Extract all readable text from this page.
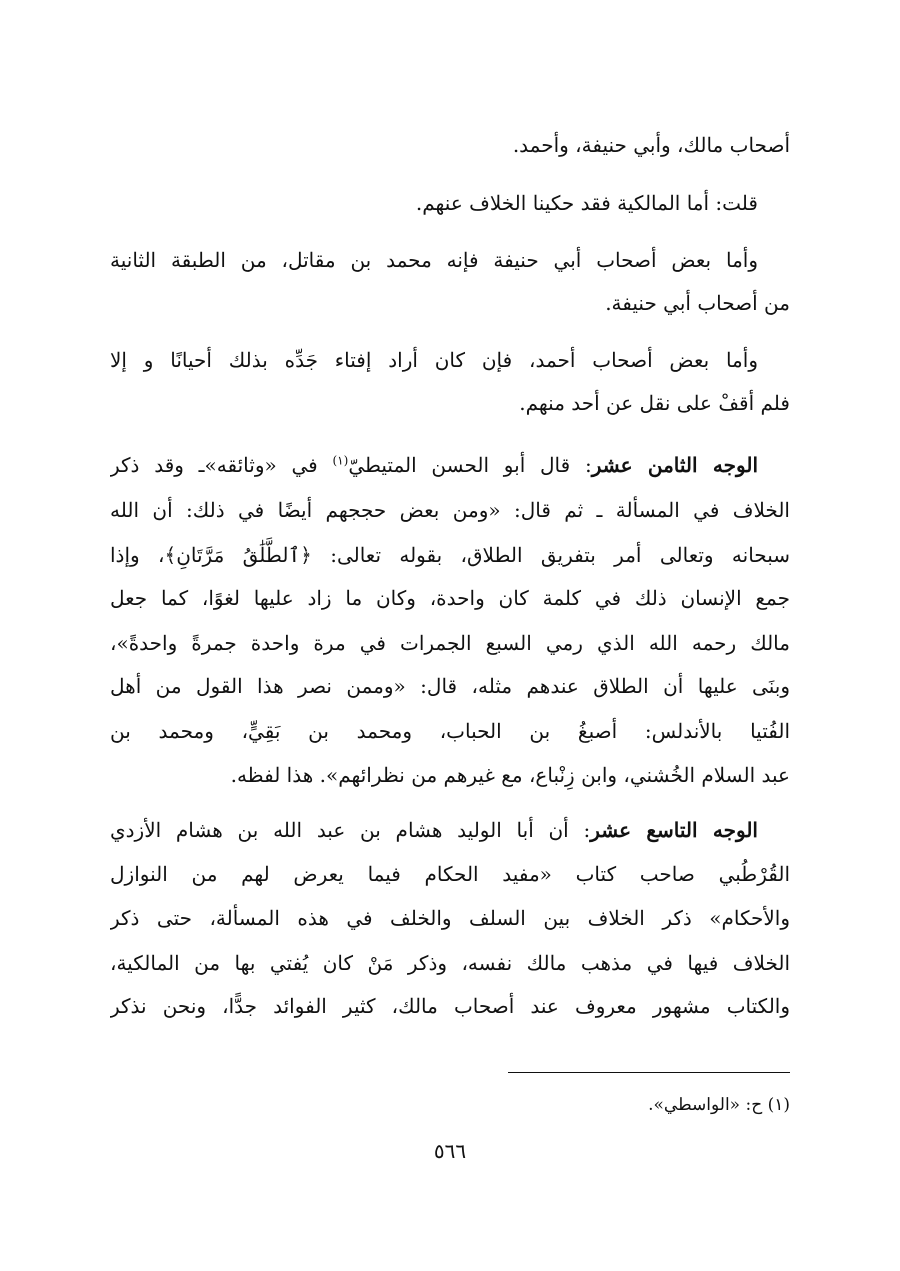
أصحاب مالك، وأبي حنيفة، وأحمد.
قلت: أما المالكية فقد حكينا الخلاف عنهم.
وأما بعض أصحاب أبي حنيفة فإنه محمد بن مقاتل، من الطبقة الثانية
من أصحاب أبي حنيفة.
وأما بعض أصحاب أحمد، فإن كان أراد إفتاء جَدِّه بذلك أحيانًا و إلا
فلم أقفْ على نقل عن أحد منهم.
الوجه الثامن عشر: قال أبو الحسن المتيطيّ$^{(١)}$ في «وثائقه»ـ وقد ذكر
الخلاف في المسألة ـ ثم قال: «ومن بعض حججهم أيضًا في ذلك: أن الله
سبحانه وتعالى أمر بتفريق الطلاق، بقوله تعالى: ﴿ٱلطَّلَٰقُ مَرَّتَانِ﴾، وإذا
جمع الإنسان ذلك في كلمة كان واحدة، وكان ما زاد عليها لغوًا، كما جعل
مالك رحمه الله الذي رمي السبع الجمرات في مرة واحدة جمرةً واحدةً»،
وبنَى عليها أن الطلاق عندهم مثله، قال: «وممن نصر هذا القول من أهل
الفُتيا بالأندلس: أصبغُ بن الحباب، ومحمد بن بَقِيٍّ، ومحمد بن
عبد السلام الخُشني، وابن زِنْباع، مع غيرهم من نظرائهم». هذا لفظه.
الوجه التاسع عشر: أن أبا الوليد هشام بن عبد الله بن هشام الأزدي
القُرْطُبي صاحب كتاب «مفيد الحكام فيما يعرض لهم من النوازل
والأحكام» ذكر الخلاف بين السلف والخلف في هذه المسألة، حتى ذكر
الخلاف فيها في مذهب مالك نفسه، وذكر مَنْ كان يُفتي بها من المالكية،
والكتاب مشهور معروف عند أصحاب مالك، كثير الفوائد جدًّا، ونحن نذكر
(١) ح: «الواسطي».
٥٦٦
